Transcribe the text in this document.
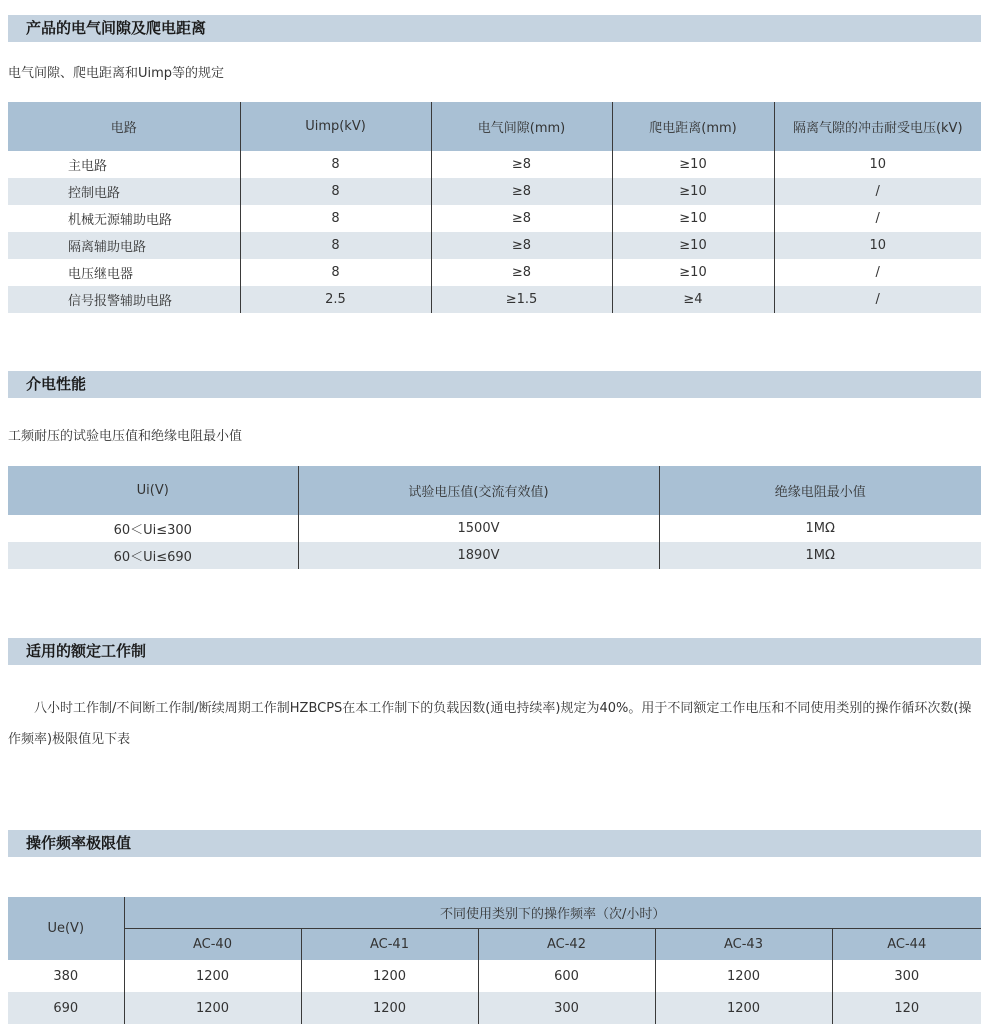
产品的电气间隙及爬电距离
电气间隙、爬电距离和Uimp等的规定
电路	Uimp(kV)	电气间隙(mm)	爬电距离(mm)	隔离气隙的冲击耐受电压(kV)
主电路	8	≥8	≥10	10
控制电路	8	≥8	≥10	/
机械无源辅助电路	8	≥8	≥10	/
隔离辅助电路	8	≥8	≥10	10
电压继电器	8	≥8	≥10	/
信号报警辅助电路	2.5	≥1.5	≥4	/
介电性能
工频耐压的试验电压值和绝缘电阻最小值
Ui(V)	试验电压值(交流有效值)	绝缘电阻最小值
60＜Ui≤300	1500V	1MΩ
60＜Ui≤690	1890V	1MΩ
适用的额定工作制
八小时工作制/不间断工作制/断续周期工作制HZBCPS在本工作制下的负载因数(通电持续率)规定为40%。用于不同额定工作电压和不同使用类别的操作循环次数(操作频率)极限值见下表
操作频率极限值
Ue(V)	不同使用类别下的操作频率（次/小时）				
	AC-40	AC-41	AC-42	AC-43	AC-44
380	1200	1200	600	1200	300
690	1200	1200	300	1200	120
